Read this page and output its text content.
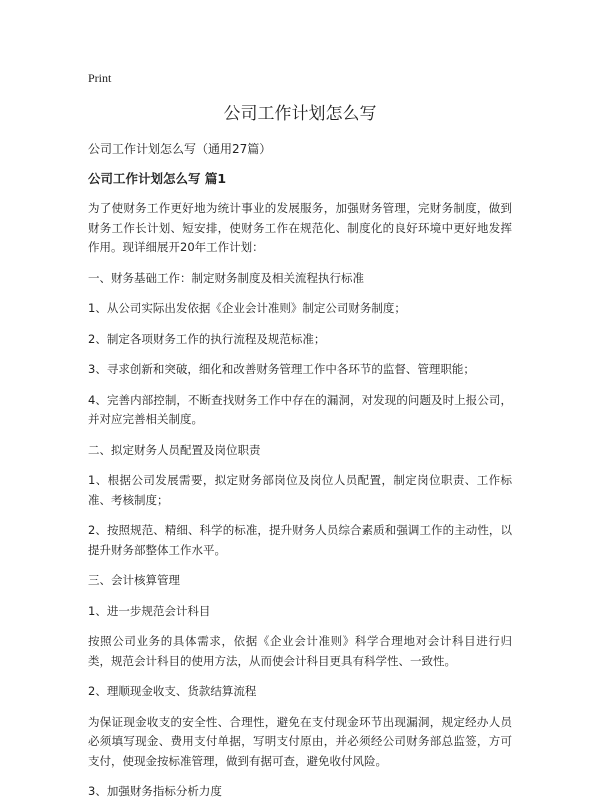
Print
公司工作计划怎么写
公司工作计划怎么写（通用27篇）
公司工作计划怎么写 篇1

为了使财务工作更好地为统计事业的发展服务，加强财务管理，完财务制度，做到财务工作长计划、短安排，使财务工作在规范化、制度化的良好环境中更好地发挥作用。现详细展开20年工作计划：

一、财务基础工作：制定财务制度及相关流程执行标准

1、从公司实际出发依据《企业会计准则》制定公司财务制度；

2、制定各项财务工作的执行流程及规范标准；

3、寻求创新和突破，细化和改善财务管理工作中各环节的监督、管理职能；

4、完善内部控制，不断查找财务工作中存在的漏洞，对发现的问题及时上报公司，并对应完善相关制度。

二、拟定财务人员配置及岗位职责

1、根据公司发展需要，拟定财务部岗位及岗位人员配置，制定岗位职责、工作标准、考核制度；

2、按照规范、精细、科学的标准，提升财务人员综合素质和强调工作的主动性，以提升财务部整体工作水平。

三、会计核算管理

1、进一步规范会计科目

按照公司业务的具体需求，依据《企业会计准则》科学合理地对会计科目进行归类，规范会计科目的使用方法，从而使会计科目更具有科学性、一致性。

2、理顺现金收支、货款结算流程

为保证现金收支的安全性、合理性，避免在支付现金环节出现漏洞，规定经办人员必须填写现金、费用支付单据，写明支付原由，并必须经公司财务部总监签，方可支付，使现金按标准管理，做到有据可查，避免收付风险。

3、加强财务指标分析力度
